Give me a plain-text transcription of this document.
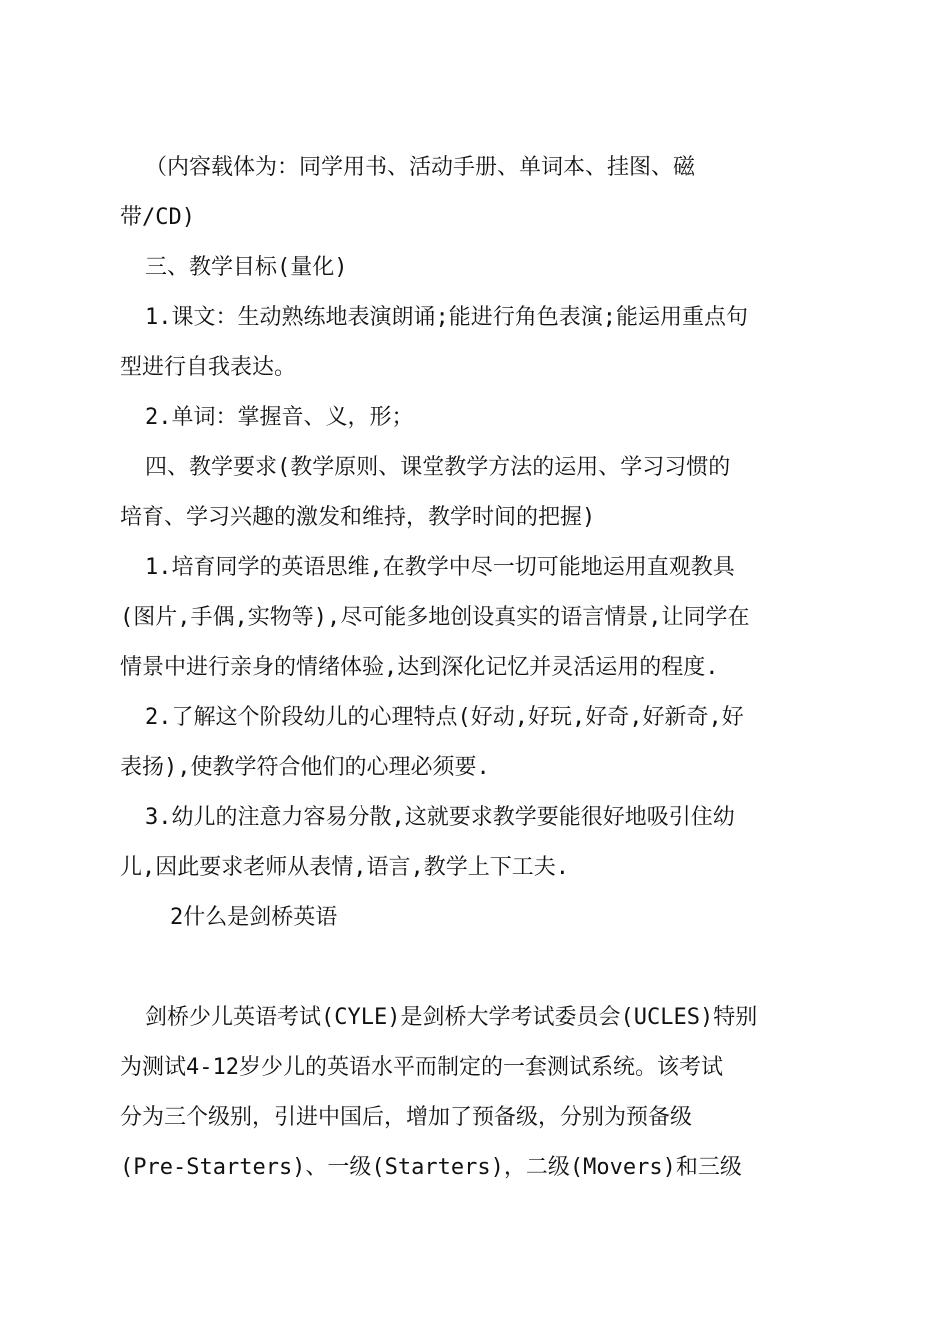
（内容载体为：同学用书、活动手册、单词本、挂图、磁
带/CD)
三、教学目标(量化)
1.课文：生动熟练地表演朗诵;能进行角色表演;能运用重点句
型进行自我表达。
2.单词：掌握音、义，形；
四、教学要求(教学原则、课堂教学方法的运用、学习习惯的
培育、学习兴趣的激发和维持，教学时间的把握)
1.培育同学的英语思维,在教学中尽一切可能地运用直观教具
(图片,手偶,实物等),尽可能多地创设真实的语言情景,让同学在
情景中进行亲身的情绪体验,达到深化记忆并灵活运用的程度.
2.了解这个阶段幼儿的心理特点(好动,好玩,好奇,好新奇,好
表扬),使教学符合他们的心理必须要.
3.幼儿的注意力容易分散,这就要求教学要能很好地吸引住幼
儿,因此要求老师从表情,语言,教学上下工夫.
2什么是剑桥英语
剑桥少儿英语考试(CYLE)是剑桥大学考试委员会(UCLES)特别
为测试4-12岁少儿的英语水平而制定的一套测试系统。该考试
分为三个级别，引进中国后，增加了预备级，分别为预备级
(Pre-Starters)、一级(Starters)，二级(Movers)和三级
